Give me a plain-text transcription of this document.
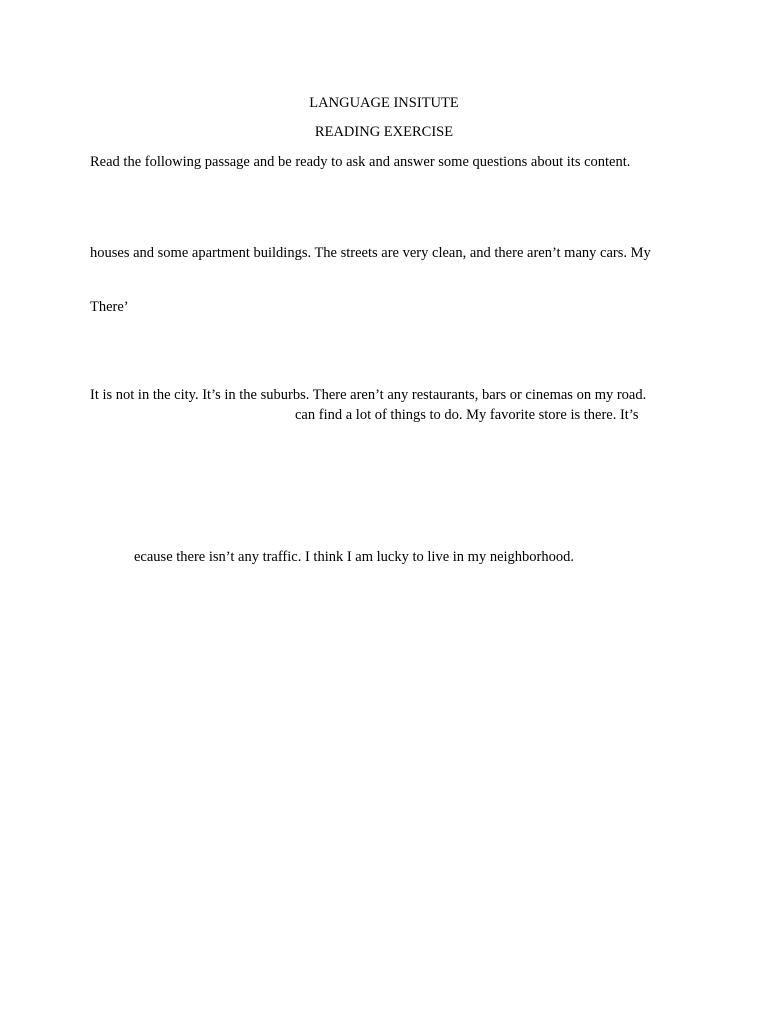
LANGUAGE INSITUTE
READING EXERCISE
Read the following passage and be ready to ask and answer some questions about its content.
houses and some apartment buildings. The streets are very clean, and there aren’t many cars. My
There’
It is not in the city. It’s in the suburbs. There aren’t any restaurants, bars or cinemas on my road.
can find a lot of things to do. My favorite store is there. It’s
ecause there isn’t any traffic. I think I am lucky to live in my neighborhood.
